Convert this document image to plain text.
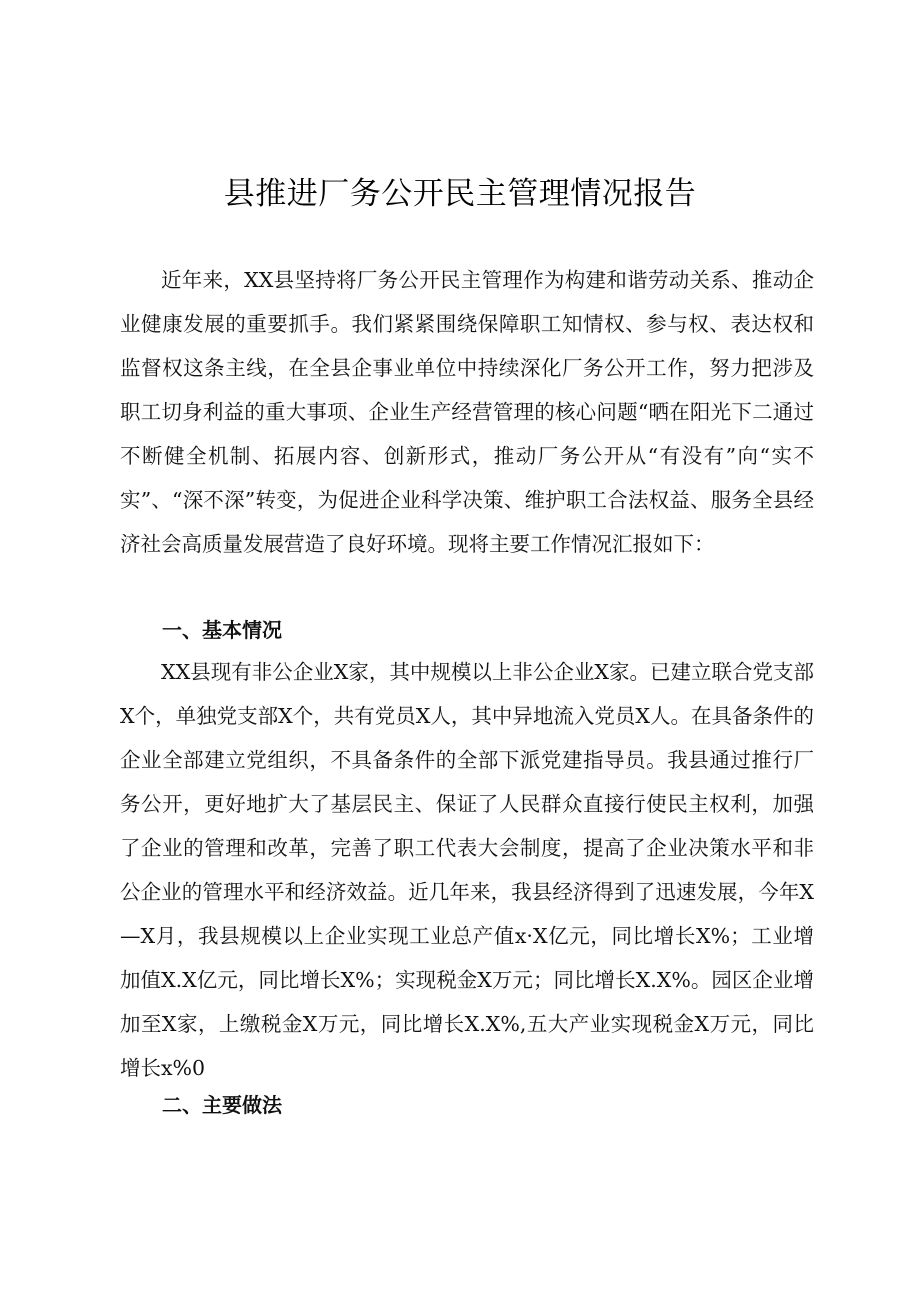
县推进厂务公开民主管理情况报告

近年来，XX县坚持将厂务公开民主管理作为构建和谐劳动关系、推动企业健康发展的重要抓手。我们紧紧围绕保障职工知情权、参与权、表达权和监督权这条主线，在全县企事业单位中持续深化厂务公开工作，努力把涉及职工切身利益的重大事项、企业生产经营管理的核心问题“晒在阳光下二通过不断健全机制、拓展内容、创新形式，推动厂务公开从“有没有”向“实不实”、“深不深”转变，为促进企业科学决策、维护职工合法权益、服务全县经济社会高质量发展营造了良好环境。现将主要工作情况汇报如下：

一、基本情况

XX县现有非公企业X家，其中规模以上非公企业X家。已建立联合党支部X个，单独党支部X个，共有党员X人，其中异地流入党员X人。在具备条件的企业全部建立党组织，不具备条件的全部下派党建指导员。我县通过推行厂务公开，更好地扩大了基层民主、保证了人民群众直接行使民主权利，加强了企业的管理和改革，完善了职工代表大会制度，提高了企业决策水平和非公企业的管理水平和经济效益。近几年来，我县经济得到了迅速发展，今年X—X月，我县规模以上企业实现工业总产值x·X亿元，同比增长X%；工业增加值X.X亿元，同比增长X%；实现税金X万元；同比增长X.X%。园区企业增加至X家，上缴税金X万元，同比增长X.X%,五大产业实现税金X万元，同比增长x%0

二、主要做法
